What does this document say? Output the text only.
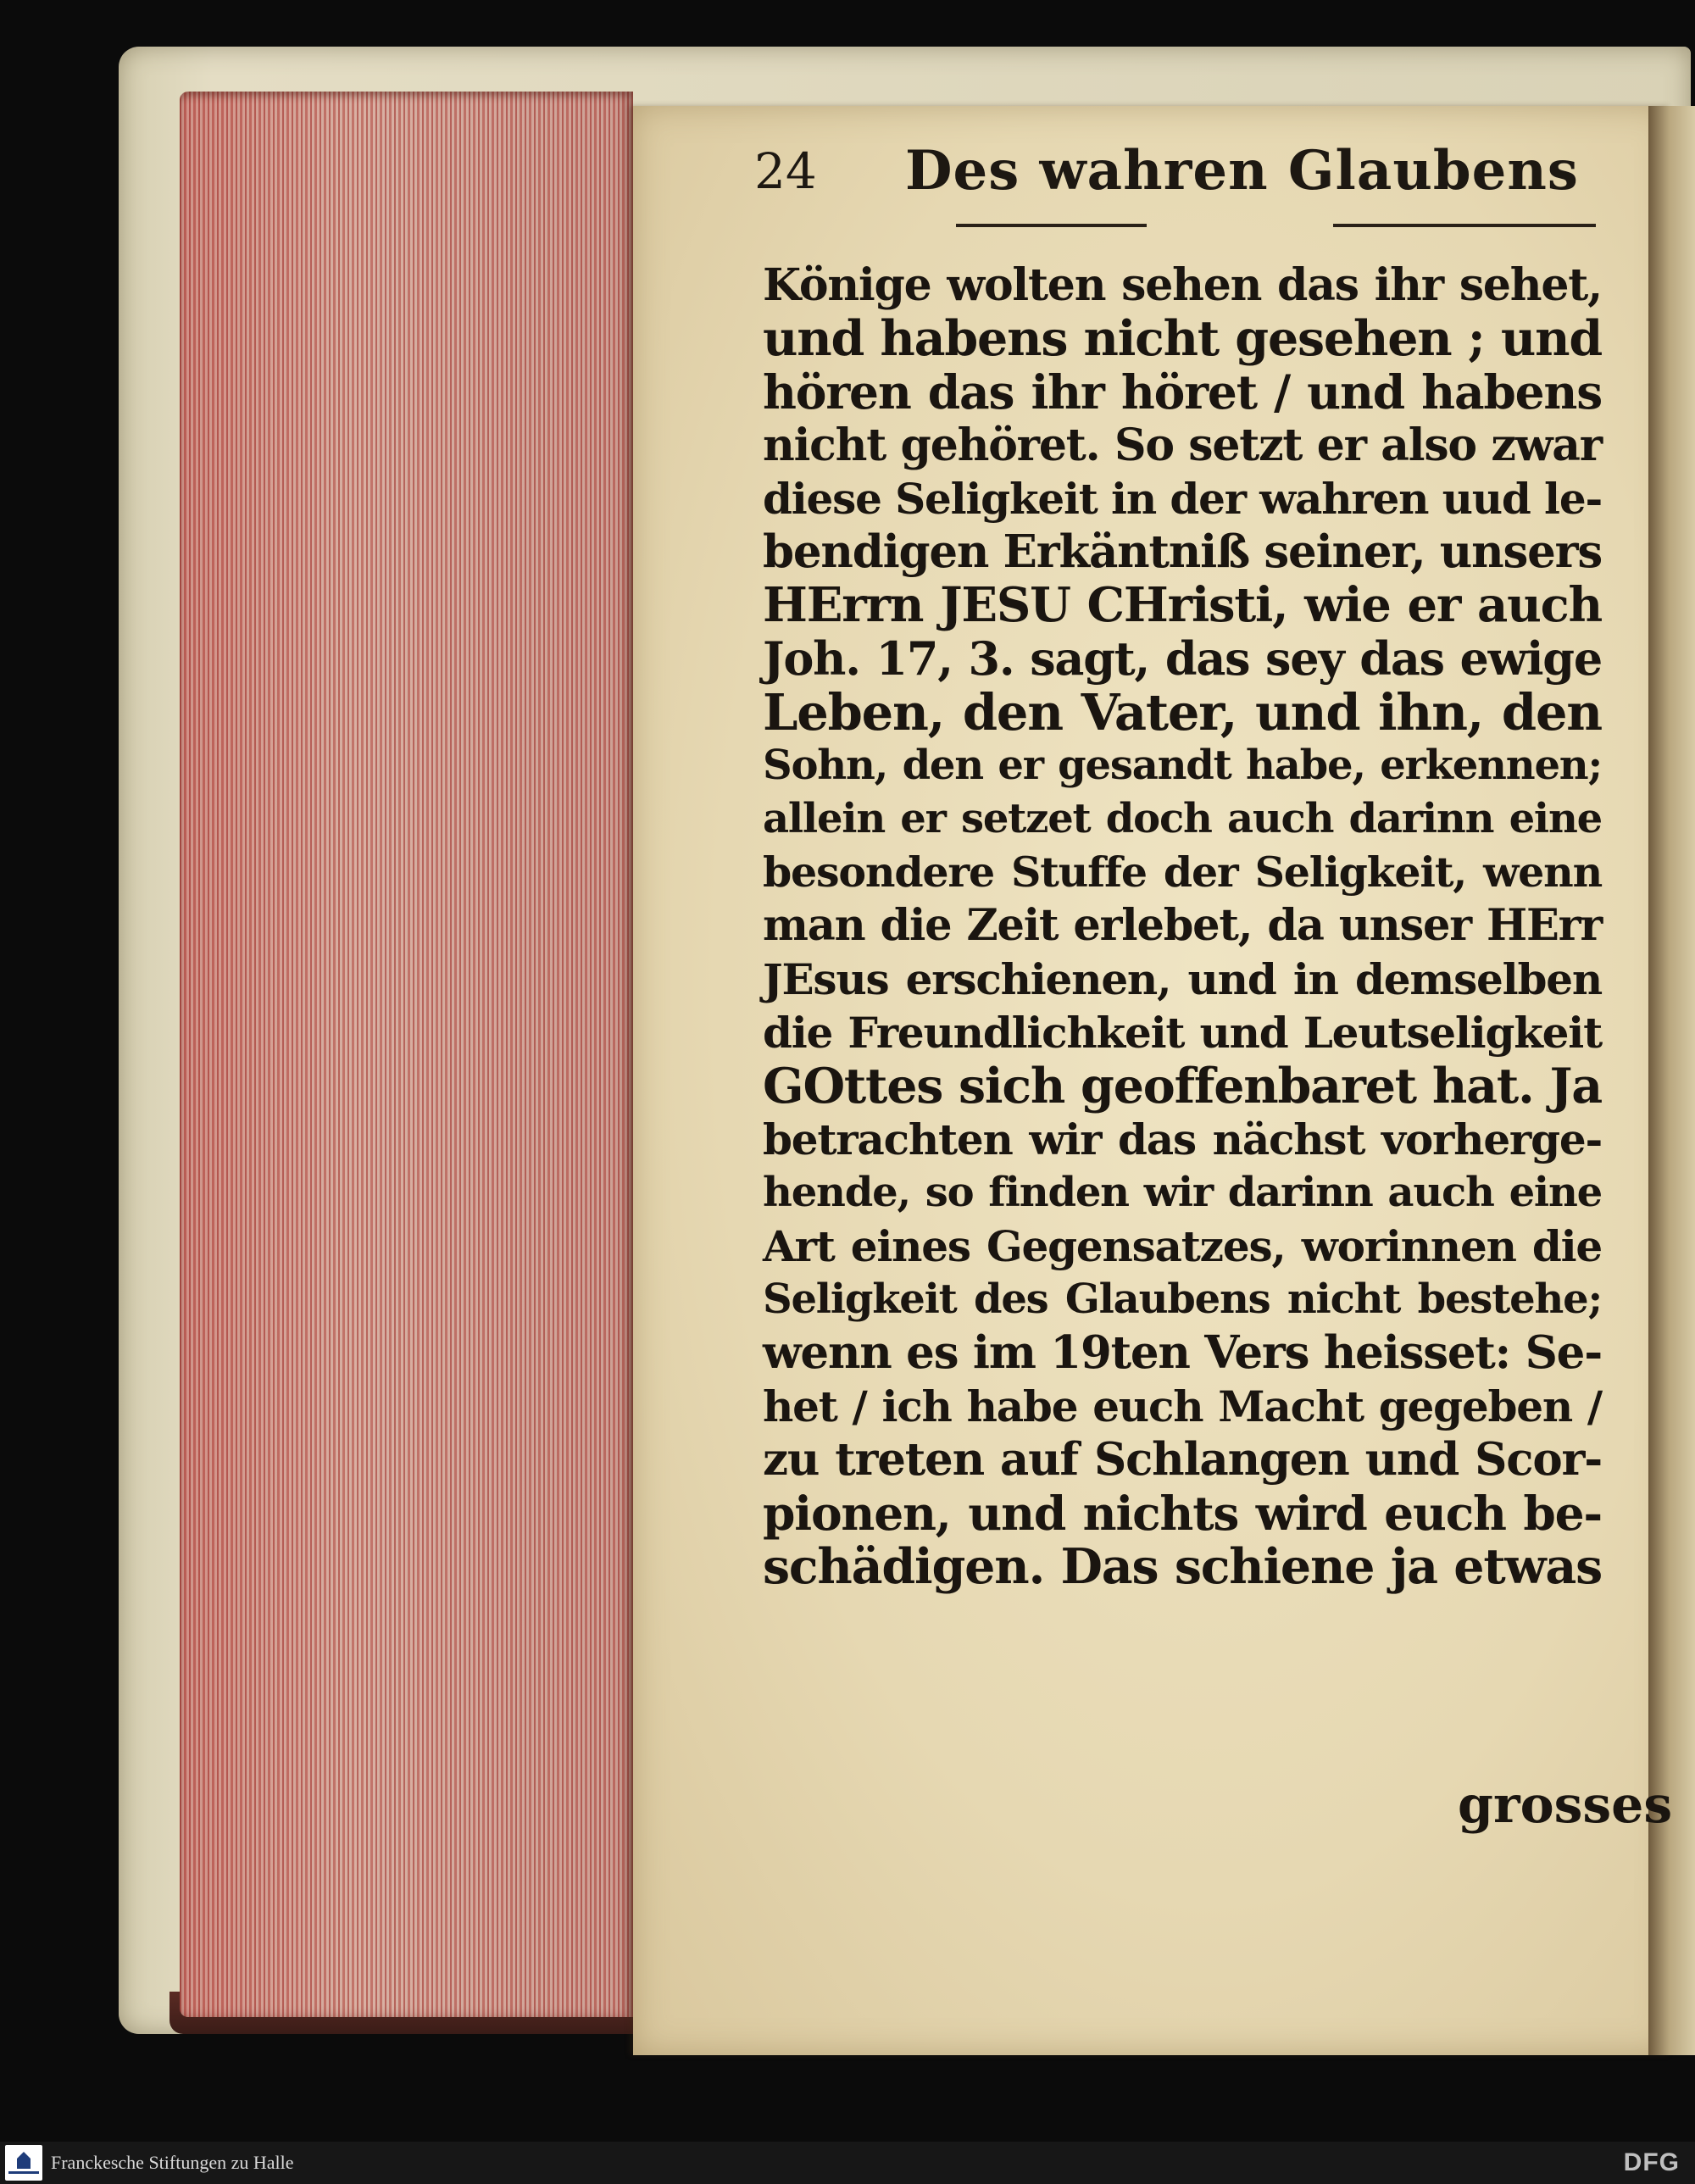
24 Des wahren Glaubens
Könige wolten sehen das ihr sehet,
und habens nicht gesehen ; und
hören das ihr höret / und habens
nicht gehöret. So setzt er also zwar
diese Seligkeit in der wahren uud le-
bendigen Erkäntniß seiner, unsers
HErrn JESU CHristi, wie er auch
Joh. 17, 3. sagt, das sey das ewige
Leben, den Vater, und ihn, den
Sohn, den er gesandt habe, erkennen;
allein er setzet doch auch darinn eine
besondere Stuffe der Seligkeit, wenn
man die Zeit erlebet, da unser HErr
JEsus erschienen, und in demselben
die Freundlichkeit und Leutseligkeit
GOttes sich geoffenbaret hat. Ja
betrachten wir das nächst vorherge-
hende, so finden wir darinn auch eine
Art eines Gegensatzes, worinnen die
Seligkeit des Glaubens nicht bestehe;
wenn es im 19ten Vers heisset: Se-
het / ich habe euch Macht gegeben /
zu treten auf Schlangen und Scor-
pionen, und nichts wird euch be-
schädigen. Das schiene ja etwas
grosses
Franckesche Stiftungen zu Halle	DFG
